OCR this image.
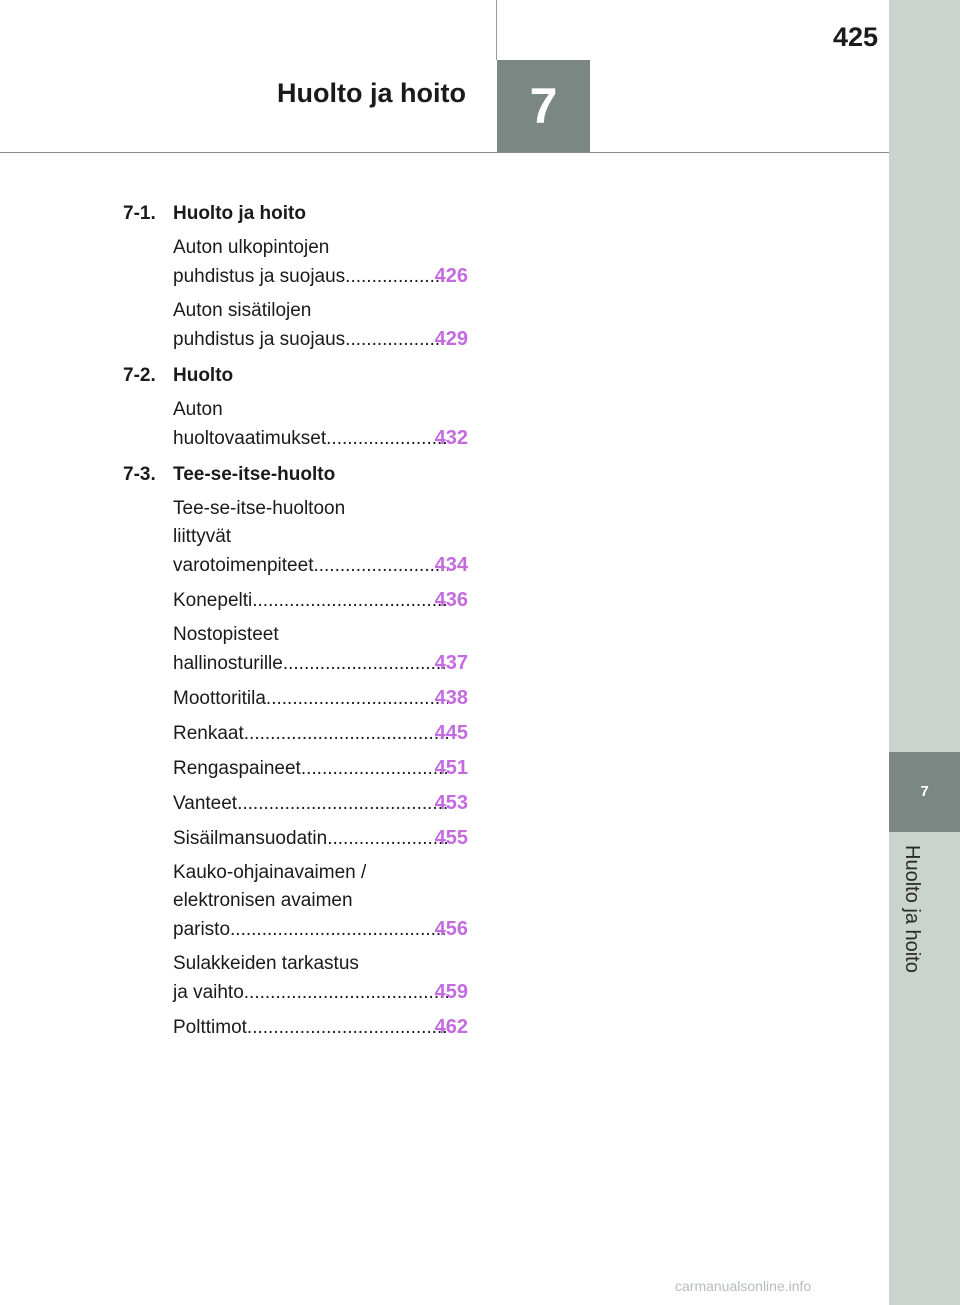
425
Huolto ja hoito	7
7
Huolto ja hoito
7-1. Huolto ja hoito
Auton ulkopintojen
puhdistus ja suojaus .....	426
Auton sisätilojen
puhdistus ja suojaus .....	429
7-2. Huolto
Auton
huoltovaatimukset .....	432
7-3. Tee-se-itse-huolto
Tee-se-itse-huoltoon
liittyvät
varotoimenpiteet .....	434
Konepelti .....	436
Nostopisteet
hallinosturille .....	437
Moottoritila .....	438
Renkaat .....	445
Rengaspaineet .....	451
Vanteet .....	453
Sisäilmansuodatin .....	455
Kauko-ohjainavaimen /
elektronisen avaimen
paristo .....	456
Sulakkeiden tarkastus
ja vaihto .....	459
Polttimot .....	462
carmanualsonline.info
